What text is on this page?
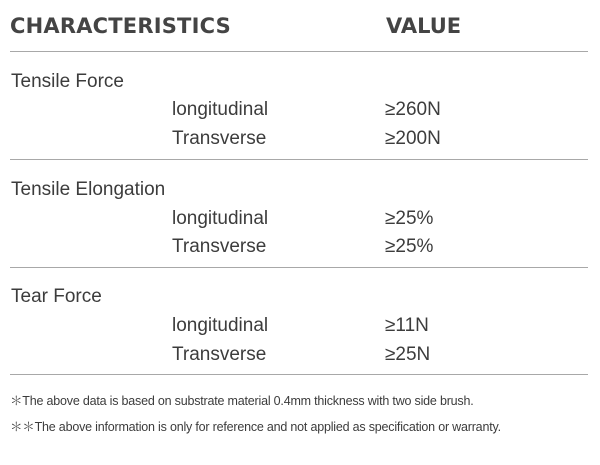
CHARACTERISTICS	VALUE
Tensile Force
longitudinal	≥260N
Transverse	≥200N
Tensile Elongation
longitudinal	≥25%
Transverse	≥25%
Tear Force
longitudinal	≥11N
Transverse	≥25N
＊The above data is based on substrate material 0.4mm thickness with two side brush.
＊＊The above information is only for reference and not applied as specification or warranty.
